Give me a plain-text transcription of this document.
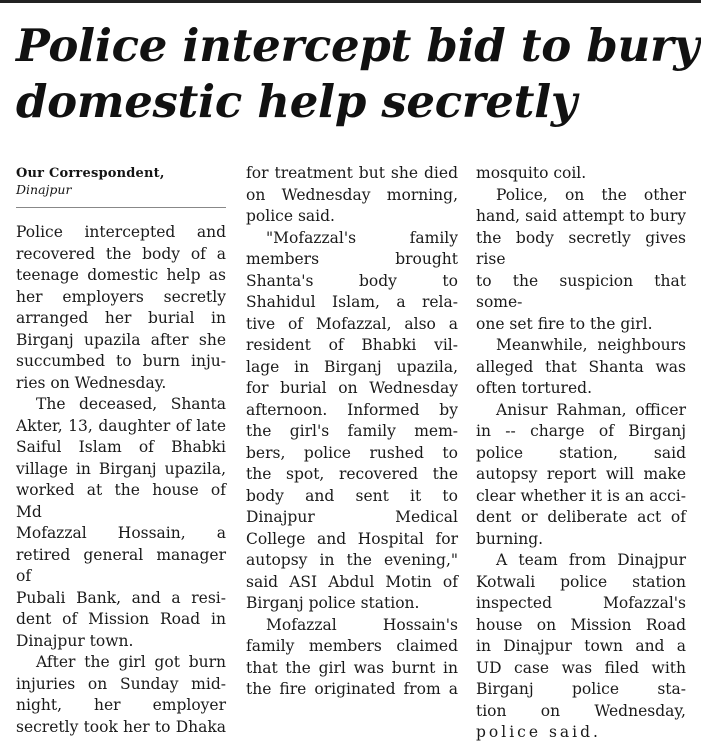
Police intercept bid to bury
domestic help secretly
Our Correspondent,
Dinajpur
Police intercepted and
recovered the body of a
teenage domestic help as
her employers secretly
arranged her burial in
Birganj upazila after she
succumbed to burn inju-
ries on Wednesday.
The deceased, Shanta
Akter, 13, daughter of late
Saiful Islam of Bhabki
village in Birganj upazila,
worked at the house of Md
Mofazzal Hossain, a
retired general manager of
Pubali Bank, and a resi-
dent of Mission Road in
Dinajpur town.
After the girl got burn
injuries on Sunday mid-
night, her employer
secretly took her to Dhaka
for treatment but she died
on Wednesday morning,
police said.
"Mofazzal's family
members brought
Shanta's body to
Shahidul Islam, a rela-
tive of Mofazzal, also a
resident of Bhabki vil-
lage in Birganj upazila,
for burial on Wednesday
afternoon. Informed by
the girl's family mem-
bers, police rushed to
the spot, recovered the
body and sent it to
Dinajpur Medical
College and Hospital for
autopsy in the evening,"
said ASI Abdul Motin of
Birganj police station.
Mofazzal Hossain's
family members claimed
that the girl was burnt in
the fire originated from a
mosquito coil.
Police, on the other
hand, said attempt to bury
the body secretly gives rise
to the suspicion that some-
one set fire to the girl.
Meanwhile, neighbours
alleged that Shanta was
often tortured.
Anisur Rahman, officer
in -- charge of Birganj
police station, said
autopsy report will make
clear whether it is an acci-
dent or deliberate act of
burning.
A team from Dinajpur
Kotwali police station
inspected Mofazzal's
house on Mission Road
in Dinajpur town and a
UD case was filed with
Birganj police sta-
tion on Wednesday,
police said.
